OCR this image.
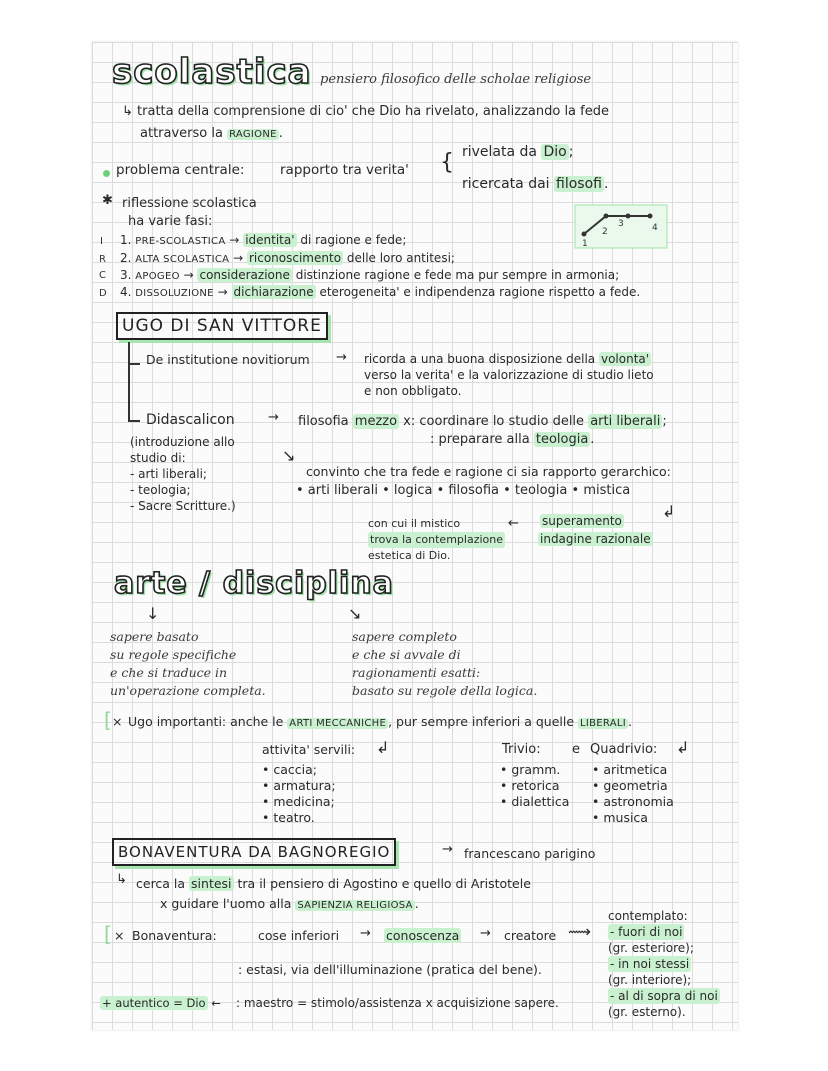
scolastica pensiero filosofico delle scholae religiose
↳ tratta della comprensione di cio' che Dio ha rivelato, analizzando la fede
attraverso la RAGIONE .
problema centrale:	rapporto tra verita' { rivelata da Dio ;
ricercata dai filosofi .
✱ riflessione scolastica
ha varie fasi:
1
2
3	4
I
R
C
D
1. PRE-SCOLASTICA → identita' di ragione e fede;
2. ALTA SCOLASTICA → riconoscimento delle loro antitesi;
3. APOGEO → considerazione distinzione ragione e fede ma pur sempre in armonia;
4. DISSOLUZIONE → dichiarazione eterogeneita' e indipendenza ragione rispetto a fede.
UGO DI SAN VITTORE
De institutione novitiorum → ricorda a una buona disposizione della volonta'
verso la verita' e la valorizzazione di studio lieto
e non obbligato.
Didascalicon	→ filosofia mezzo x: coordinare lo studio delle arti liberali ;
: preparare alla teologia .
(introduzione allo
studio di:
- arti liberali;
- teologia;
- Sacre Scritture.)
↘
convinto che tra fede e ragione ci sia rapporto gerarchico:
• arti liberali • logica • filosofia • teologia • mistica
↲
superamento
indagine razionale
←
con cui il mistico
trova la contemplazione
estetica di Dio.
arte / disciplina
↓	↘
sapere basato
su regole specifiche
e che si traduce in
un'operazione completa.
sapere completo
e che si avvale di
ragionamenti esatti:
basato su regole della logica.
[ × Ugo importanti: anche le ARTI MECCANICHE , pur sempre inferiori a quelle LIBERALI .
attivita' servili: ↲
• caccia;
• armatura;
• medicina;
• teatro.
Trivio:
• gramm.
• retorica
• dialettica
e Quadrivio: ↲
• aritmetica
• geometria
• astronomia
• musica
BONAVENTURA DA BAGNOREGIO	→ francescano parigino
↳ cerca la sintesi tra il pensiero di Agostino e quello di Aristotele
x guidare l'uomo alla SAPIENZIA RELIGIOSA .
[ × Bonaventura:	cose inferiori → conoscenza → creatore ⟿
contemplato:
- fuori di noi
(gr. esteriore);
- in noi stessi
(gr. interiore);
- al di sopra di noi
(gr. esterno).
: estasi, via dell'illuminazione (pratica del bene).
+ autentico = Dio ← : maestro = stimolo/assistenza x acquisizione sapere.
